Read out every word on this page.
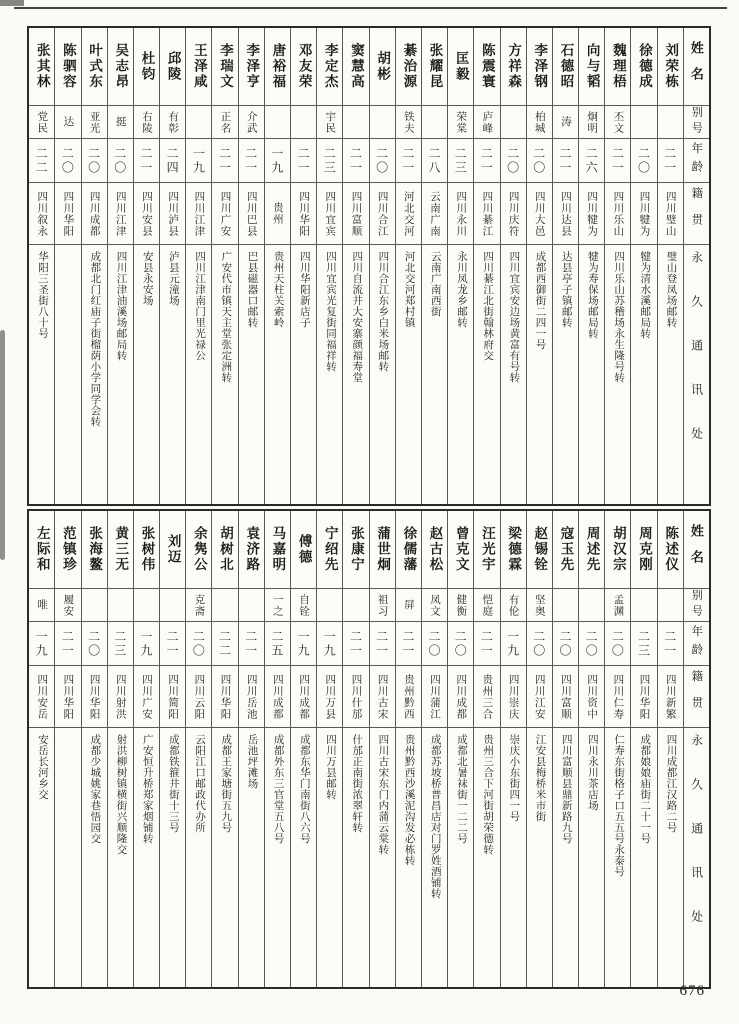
姓名
别号
年龄
籍贯
永久通讯处
刘荣栋
二一
四川璧山
璧山登凤场邮转
徐德成
二〇
四川犍为
犍为清水溪邮局转
魏理梧
丕文
二一
四川乐山
四川乐山苏稽场永生隆号转
向与韬
炯明
二六
四川犍为
犍为寿保场邮局转
石德昭
涛
二一
四川达县
达县亭子镇邮转
李泽钢
柏城
二〇
四川大邑
成都西御街二四一号
方祥森
二〇
四川庆符
四川宜宾安边场黄富有号转
陈震寰
庐峰
二一
四川綦江
四川綦江北街翰林府交
匡毅
荣棠
二三
四川永川
永川凤龙乡邮转
张耀昆
二八
云南广南
云南广南西街
綦治源
铁夫
二一
河北交河
河北交河郑村镇
胡彬
二〇
四川合江
四川合江东乡白米场邮转
窦慧高
二一
四川富顺
四川自流井大安寨颜福寿堂
李定杰
宇民
二三
四川宜宾
四川宜宾光复街同福祥转
邓友荣
二一
四川华阳
四川华阳新店子
唐裕福
一九
贵州
贵州天柱关索岭
李泽亨
介武
二一
四川巴县
巴县磁器口邮转
李瑞文
正名
二一
四川广安
广安代市镇天主堂张定洲转
王泽咸
一九
四川江津
四川江津南门里光禄公
邱陵
有彰
二四
四川泸县
泸县元潼场
杜钧
右陵
二一
四川安县
安县永安场
吴志昂
挺
二〇
四川江津
四川江津油溪场邮局转
叶式东
亚光
二〇
四川成都
成都北门红庙子街榴荫小学同学会转
陈驷容
达
二〇
四川华阳
张其林
党民
二二
四川叙永
华阳三圣街八十号
姓名
别号
年龄
籍贯
永久通讯处
陈述仪
二一
四川新繁
四川成都江汉路二号
周克刚
二三
四川华阳
成都娘娘庙街二十一号
胡汉宗
孟渊
二〇
四川仁寿
仁寿东街格子口五五号永泰号
周述先
二〇
四川资中
四川永川茶店场
寇玉先
二〇
四川富顺
四川富顺县鼎新路九号
赵锡铨
坚奥
二〇
四川江安
江安县梅桥米市街
梁德霖
有伦
一九
四川崇庆
崇庆小东街四一号
汪光宇
恺庭
二一
贵州三合
贵州三合下河街胡荣德转
曾克文
健衡
二〇
四川成都
成都北暑袜街一二二号
赵古松
凤文
二〇
四川蒲江
成都苏坡桥普昌店对门罗姓酒铺转
徐儒藩
屏
二一
贵州黔西
贵州黔西沙溪泥沟发必栋转
蒲世炯
祖习
二一
四川古宋
四川古宋东门内蒲云棠转
张康宁
二一
四川什邡
什邡正南街浓翠轩转
宁绍先
一九
四川万县
四川万县邮转
傅德
自铨
一九
四川成都
成都东华门南街八六号
马嘉明
一之
二五
四川成都
成都外东三官堂五八号
袁济路
二一
四川岳池
岳池坪滩场
胡树北
二二
四川华阳
成都王家塘街五九号
余隽公
克斋
二〇
四川云阳
云阳江口邮政代办所
刘迈
二一
四川简阳
成都铁箍井街十三号
张树伟
一九
四川广安
广安恒升桥郑家烟铺转
黄三无
二三
四川射洪
射洪柳树镇横街兴顺隆交
张海鳌
二〇
四川华阳
成都少城姚家巷悟园交
范镇珍
履安
二一
四川华阳
左际和
唯
一九
四川安岳
安岳长河乡交
676
